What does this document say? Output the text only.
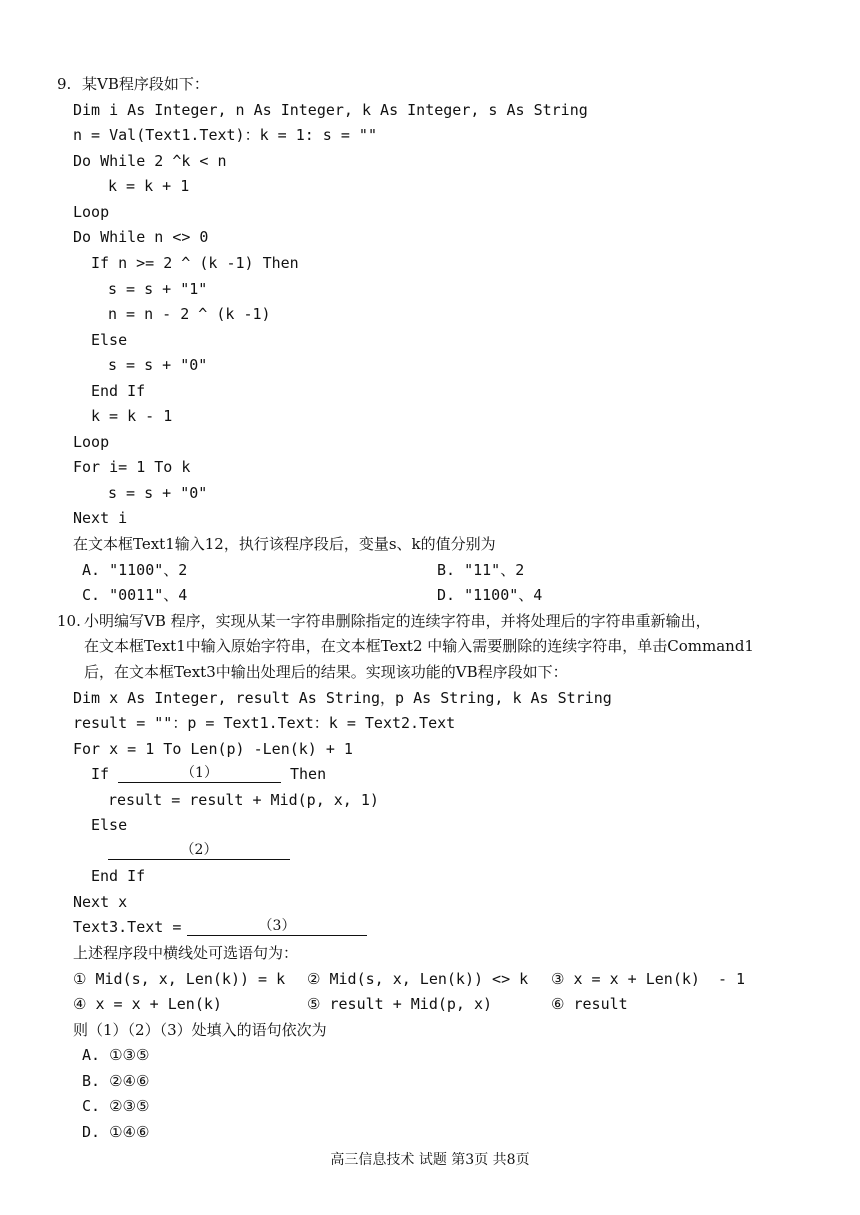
9. 某VB程序段如下：
Dim i As Integer, n As Integer, k As Integer, s As String
n = Val(Text1.Text)：k = 1: s = ""
Do While 2 ^k < n
k = k + 1
Loop
Do While n <> 0
If n >= 2 ^ (k -1) Then
s = s + "1"
n = n - 2 ^ (k -1)
Else
s = s + "0"
End If
k = k - 1
Loop
For i= 1 To k
s = s + "0"
Next i
在文本框Text1输入12，执行该程序段后，变量s、k的值分别为
A. "1100"、2	B. "11"、2
C. "0011"、4	D. "1100"、4
10. 小明编写VB 程序，实现从某一字符串删除指定的连续字符串，并将处理后的字符串重新输出，
在文本框Text1中输入原始字符串，在文本框Text2 中输入需要删除的连续字符串，单击Command1
后，在文本框Text3中输出处理后的结果。实现该功能的VB程序段如下：
Dim x As Integer, result As String，p As String, k As String
result = ""：p = Text1.Text：k = Text2.Text
For x = 1 To Len(p) -Len(k) + 1
If	（1）	Then
result = result + Mid(p, x, 1)
Else
（2）
End If
Next x
Text3.Text =	（3）
上述程序段中横线处可选语句为：
① Mid(s, x, Len(k)) = k ② Mid(s, x, Len(k)) <> k ③ x = x + Len(k)  - 1
④ x = x + Len(k)	⑤ result + Mid(p, x)	⑥ result
则（1）（2）（3）处填入的语句依次为
A. ①③⑤
B. ②④⑥
C. ②③⑤
D. ①④⑥
高三信息技术 试题 第3页 共8页
